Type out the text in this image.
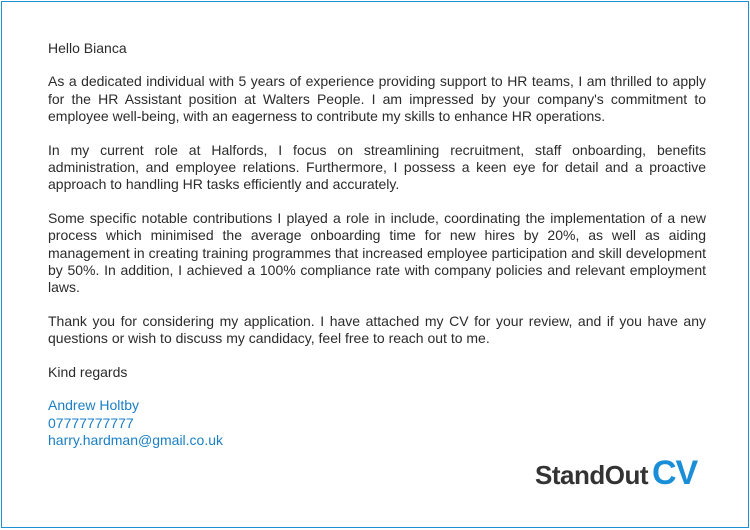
Hello Bianca

As a dedicated individual with 5 years of experience providing support to HR teams, I am thrilled to apply for the HR Assistant position at Walters People. I am impressed by your company's commitment to employee well-being, with an eagerness to contribute my skills to enhance HR operations.

In my current role at Halfords, I focus on streamlining recruitment, staff onboarding, benefits administration, and employee relations. Furthermore, I possess a keen eye for detail and a proactive approach to handling HR tasks efficiently and accurately.

Some specific notable contributions I played a role in include, coordinating the implementation of a new process which minimised the average onboarding time for new hires by 20%, as well as aiding management in creating training programmes that increased employee participation and skill development by 50%. In addition, I achieved a 100% compliance rate with company policies and relevant employment laws.

Thank you for considering my application. I have attached my CV for your review, and if you have any questions or wish to discuss my candidacy, feel free to reach out to me.

Kind regards

Andrew Holtby
07777777777
harry.hardman@gmail.co.uk
StandOut CV
